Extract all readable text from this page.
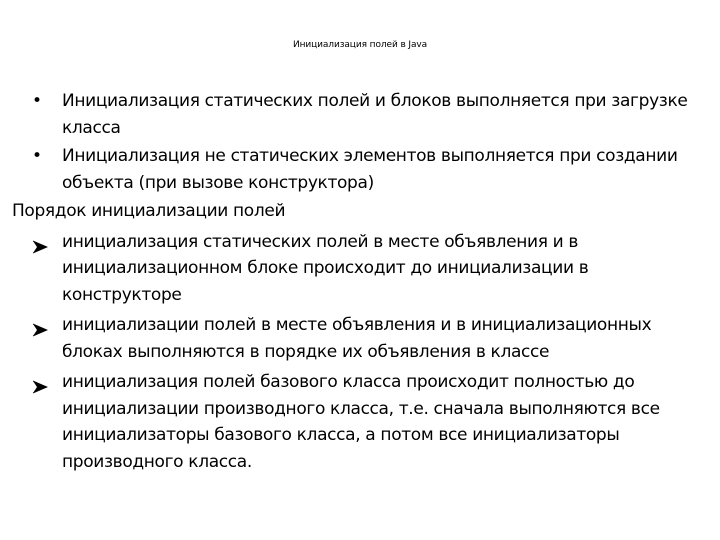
Инициализация полей в Java
•	Инициализация статических полей и блоков выполняется при загрузке класса
•	Инициализация не статических элементов выполняется при создании объекта (при вызове конструктора)
Порядок инициализации полей
инициализация статических полей в месте объявления и в инициализационном блоке происходит до инициализации в конструкторе
инициализации полей в месте объявления и в инициализационных блоках выполняются в порядке их объявления в классе
инициализация полей базового класса происходит полностью до инициализации производного класса, т.е. сначала выполняются все инициализаторы базового класса, а потом все инициализаторы производного класса.
